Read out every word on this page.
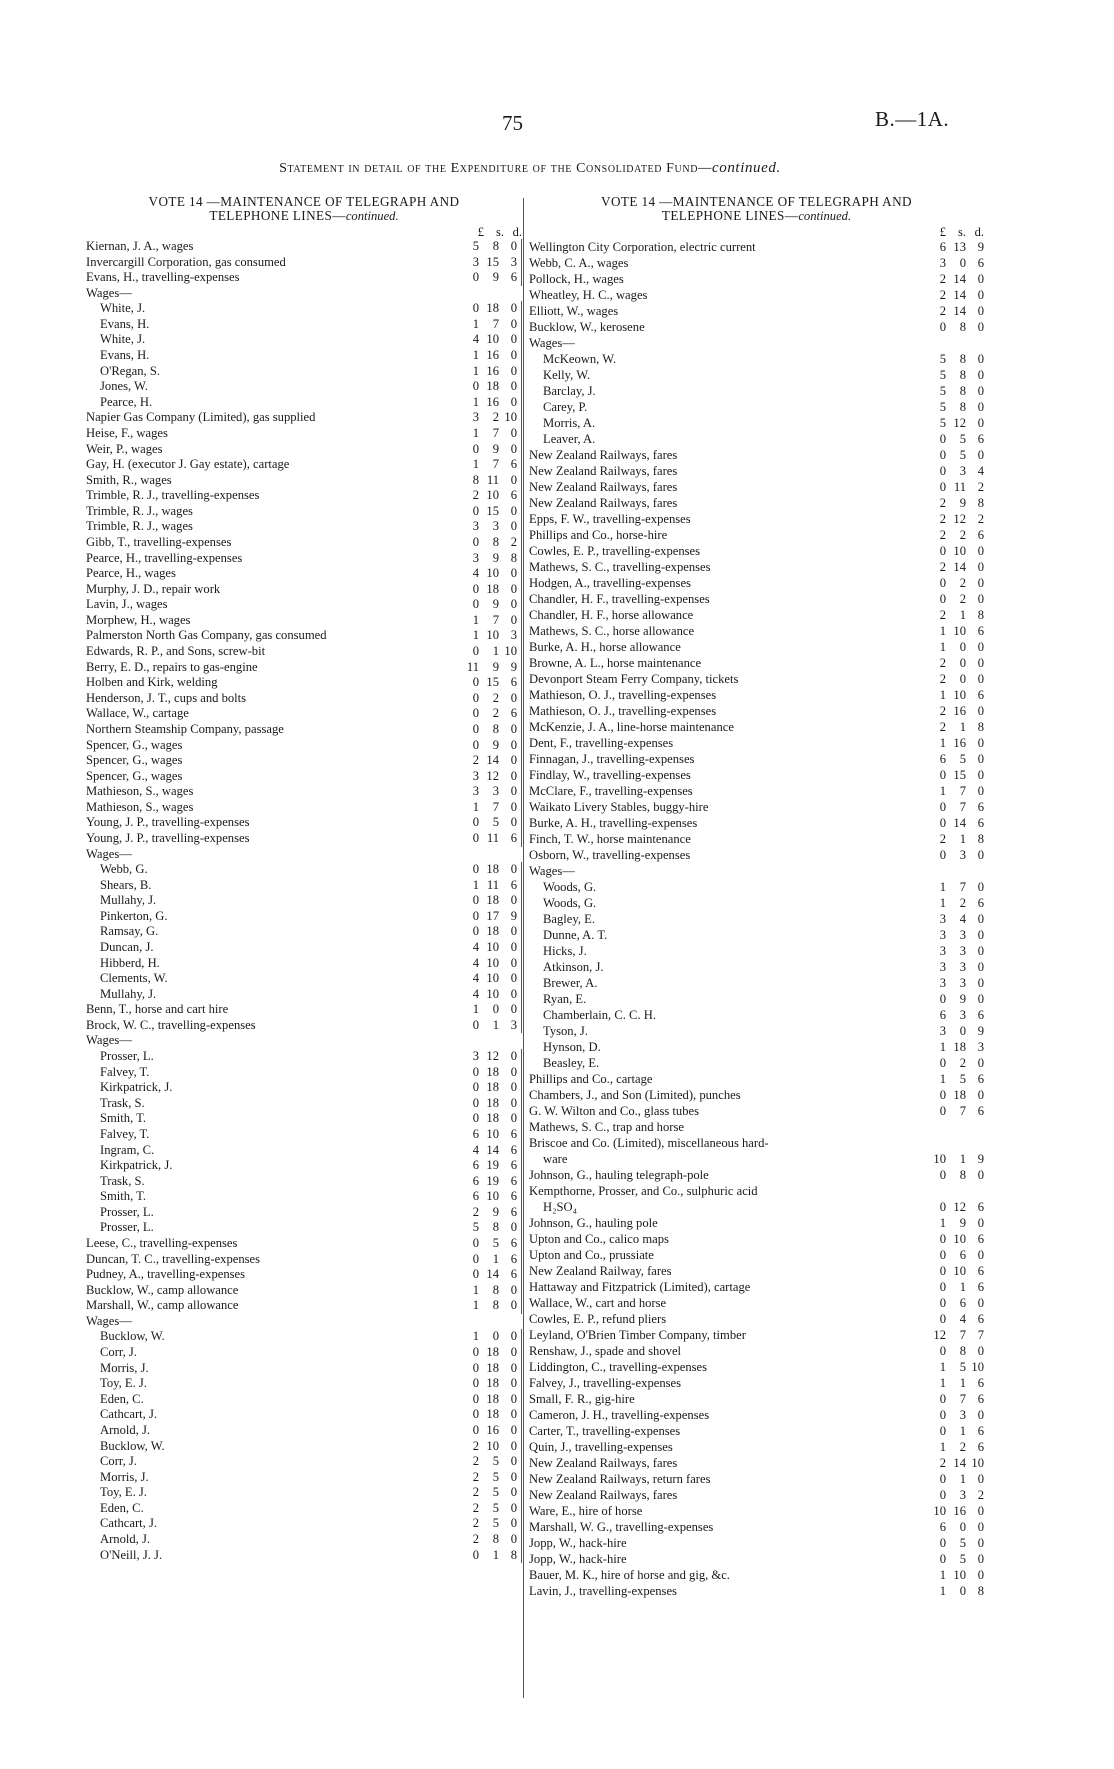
75	B.—1A.
Statement in detail of the Expenditure of the Consolidated Fund—continued.

VOTE 14 —MAINTENANCE OF TELEGRAPH AND

TELEPHONE LINES—continued.

£ s. d.
Kiernan, J. A., wages	5	8 0
Invercargill Corporation, gas consumed	3 15 3
Evans, H., travelling-expenses	0	9 6
Wages—
White, J.	0 18 0
Evans, H.	1	7 0
White, J.	4 10 0
Evans, H.	1 16 0
O'Regan, S.	1 16 0
Jones, W.	0 18 0
Pearce, H.	1 16 0
Napier Gas Company (Limited), gas supplied	3	2 10
Heise, F., wages	1	7 0
Weir, P., wages	0	9 0
Gay, H. (executor J. Gay estate), cartage	1	7 6
Smith, R., wages	8 11 0
Trimble, R. J., travelling-expenses	2 10 6
Trimble, R. J., wages	0 15 0
Trimble, R. J., wages	3	3 0
Gibb, T., travelling-expenses	0	8 2
Pearce, H., travelling-expenses	3	9 8
Pearce, H., wages	4 10 0
Murphy, J. D., repair work	0 18 0
Lavin, J., wages	0	9 0
Morphew, H., wages	1	7 0
Palmerston North Gas Company, gas consumed	1 10 3
Edwards, R. P., and Sons, screw-bit	0	1 10
Berry, E. D., repairs to gas-engine	11	9 9
Holben and Kirk, welding	0 15 6
Henderson, J. T., cups and bolts	0	2 0
Wallace, W., cartage	0	2 6
Northern Steamship Company, passage	0	8 0
Spencer, G., wages	0	9 0
Spencer, G., wages	2 14 0
Spencer, G., wages	3 12 0
Mathieson, S., wages	3	3 0
Mathieson, S., wages	1	7 0
Young, J. P., travelling-expenses	0	5 0
Young, J. P., travelling-expenses	0 11 6
Wages—
Webb, G.	0 18 0
Shears, B.	1 11 6
Mullahy, J.	0 18 0
Pinkerton, G.	0 17 9
Ramsay, G.	0 18 0
Duncan, J.	4 10 0
Hibberd, H.	4 10 0
Clements, W.	4 10 0
Mullahy, J.	4 10 0
Benn, T., horse and cart hire	1	0 0
Brock, W. C., travelling-expenses	0	1 3
Wages—
Prosser, L.	3 12 0
Falvey, T.	0 18 0
Kirkpatrick, J.	0 18 0
Trask, S.	0 18 0
Smith, T.	0 18 0
Falvey, T.	6 10 6
Ingram, C.	4 14 6
Kirkpatrick, J.	6 19 6
Trask, S.	6 19 6
Smith, T.	6 10 6
Prosser, L.	2	9 6
Prosser, L.	5	8 0
Leese, C., travelling-expenses	0	5 6
Duncan, T. C., travelling-expenses	0	1 6
Pudney, A., travelling-expenses	0 14 6
Bucklow, W., camp allowance	1	8 0
Marshall, W., camp allowance	1	8 0
Wages—
Bucklow, W.	1	0 0
Corr, J.	0 18 0
Morris, J.	0 18 0
Toy, E. J.	0 18 0
Eden, C.	0 18 0
Cathcart, J.	0 18 0
Arnold, J.	0 16 0
Bucklow, W.	2 10 0
Corr, J.	2	5 0
Morris, J.	2	5 0
Toy, E. J.	2	5 0
Eden, C.	2	5 0
Cathcart, J.	2	5 0
Arnold, J.	2	8 0
O'Neill, J. J.	0	1 8

VOTE 14 —MAINTENANCE OF TELEGRAPH AND

TELEPHONE LINES—continued.

£ s. d.
Wellington City Corporation, electric current	6 13 9
Webb, C. A., wages	3	0 6
Pollock, H., wages	2 14 0
Wheatley, H. C., wages	2 14 0
Elliott, W., wages	2 14 0
Bucklow, W., kerosene	0	8 0
Wages—
McKeown, W.	5	8 0
Kelly, W.	5	8 0
Barclay, J.	5	8 0
Carey, P.	5	8 0
Morris, A.	5 12 0
Leaver, A.	0	5 6
New Zealand Railways, fares	0	5 0
New Zealand Railways, fares	0	3 4
New Zealand Railways, fares	0 11 2
New Zealand Railways, fares	2	9 8
Epps, F. W., travelling-expenses	2 12 2
Phillips and Co., horse-hire	2	2 6
Cowles, E. P., travelling-expenses	0 10 0
Mathews, S. C., travelling-expenses	2 14 0
Hodgen, A., travelling-expenses	0	2 0
Chandler, H. F., travelling-expenses	0	2 0
Chandler, H. F., horse allowance	2	1 8
Mathews, S. C., horse allowance	1 10 6
Burke, A. H., horse allowance	1	0 0
Browne, A. L., horse maintenance	2	0 0
Devonport Steam Ferry Company, tickets	2	0 0
Mathieson, O. J., travelling-expenses	1 10 6
Mathieson, O. J., travelling-expenses	2 16 0
McKenzie, J. A., line-horse maintenance	2	1 8
Dent, F., travelling-expenses	1 16 0
Finnagan, J., travelling-expenses	6	5 0
Findlay, W., travelling-expenses	0 15 0
McClare, F., travelling-expenses	1	7 0
Waikato Livery Stables, buggy-hire	0	7 6
Burke, A. H., travelling-expenses	0 14 6
Finch, T. W., horse maintenance	2	1 8
Osborn, W., travelling-expenses	0	3 0
Wages—
Woods, G.	1	7 0
Woods, G.	1	2 6
Bagley, E.	3	4 0
Dunne, A. T.	3	3 0
Hicks, J.	3	3 0
Atkinson, J.	3	3 0
Brewer, A.	3	3 0
Ryan, E.	0	9 0
Chamberlain, C. C. H.	6	3 6
Tyson, J.	3	0 9
Hynson, D.	1 18 3
Beasley, E.	0	2 0
Phillips and Co., cartage	1	5 6
Chambers, J., and Son (Limited), punches	0 18 0
G. W. Wilton and Co., glass tubes	0	7 6
Mathews, S. C., trap and horse
Briscoe and Co. (Limited), miscellaneous hard-
ware	10	1 9
Johnson, G., hauling telegraph-pole	0	8 0
Kempthorne, Prosser, and Co., sulphuric acid
H₂SO₄	0 12 6
Johnson, G., hauling pole	1	9 0
Upton and Co., calico maps	0 10 6
Upton and Co., prussiate	0	6 0
New Zealand Railway, fares	0 10 6
Hattaway and Fitzpatrick (Limited), cartage	0	1 6
Wallace, W., cart and horse	0	6 0
Cowles, E. P., refund pliers	0	4 6
Leyland, O'Brien Timber Company, timber	12	7 7
Renshaw, J., spade and shovel	0	8 0
Liddington, C., travelling-expenses	1	5 10
Falvey, J., travelling-expenses	1	1 6
Small, F. R., gig-hire	0	7 6
Cameron, J. H., travelling-expenses	0	3 0
Carter, T., travelling-expenses	0	1 6
Quin, J., travelling-expenses	1	2 6
New Zealand Railways, fares	2 14 10
New Zealand Railways, return fares	0	1 0
New Zealand Railways, fares	0	3 2
Ware, E., hire of horse	10 16 0
Marshall, W. G., travelling-expenses	6	0 0
Jopp, W., hack-hire	0	5 0
Jopp, W., hack-hire	0	5 0
Bauer, M. K., hire of horse and gig, &c.	1 10 0
Lavin, J., travelling-expenses	1	0 8
